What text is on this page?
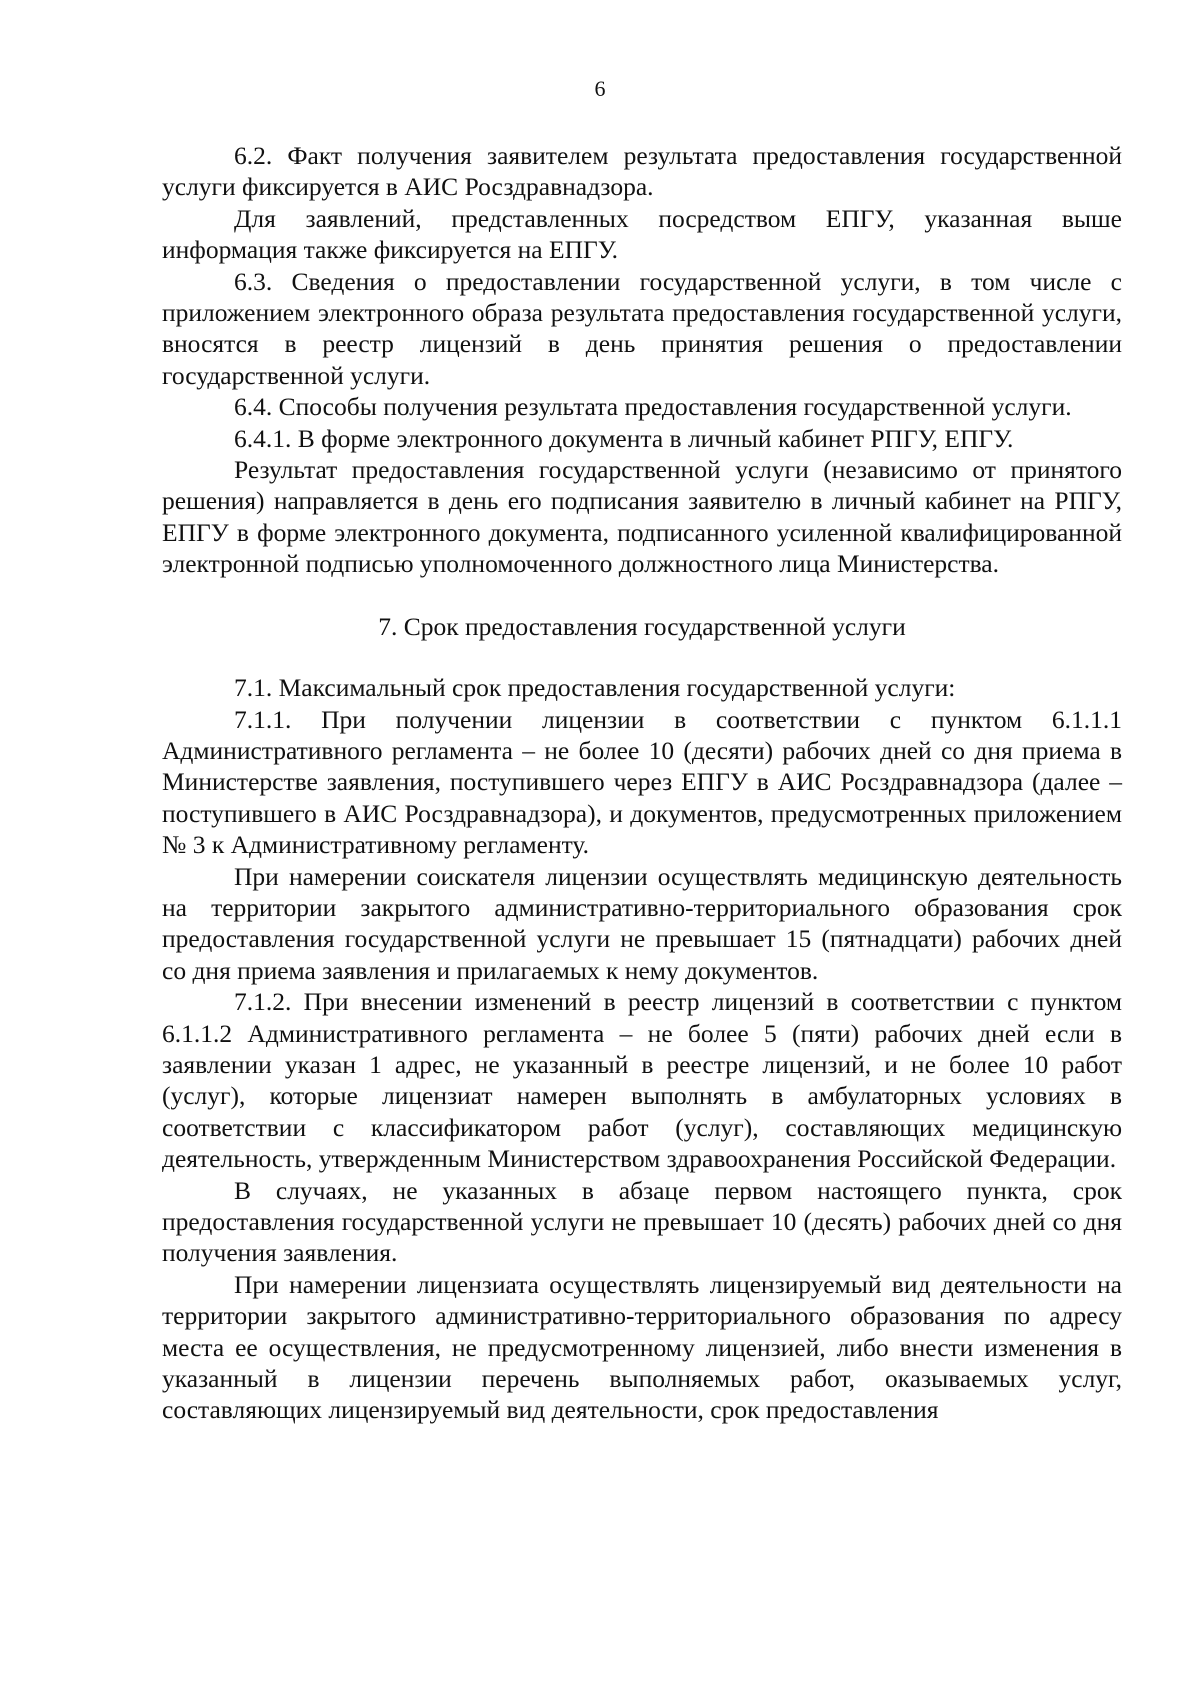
6

6.2. Факт получения заявителем результата предоставления государственной услуги фиксируется в АИС Росздравнадзора.

Для заявлений, представленных посредством ЕПГУ, указанная выше информация также фиксируется на ЕПГУ.

6.3. Сведения о предоставлении государственной услуги, в том числе с приложением электронного образа результата предоставления государственной услуги, вносятся в реестр лицензий в день принятия решения о предоставлении государственной услуги.

6.4. Способы получения результата предоставления государственной услуги.

6.4.1. В форме электронного документа в личный кабинет РПГУ, ЕПГУ.

Результат предоставления государственной услуги (независимо от принятого решения) направляется в день его подписания заявителю в личный кабинет на РПГУ, ЕПГУ в форме электронного документа, подписанного усиленной квалифицированной электронной подписью уполномоченного должностного лица Министерства.

7. Срок предоставления государственной услуги

7.1. Максимальный срок предоставления государственной услуги:

7.1.1. При получении лицензии в соответствии с пунктом 6.1.1.1 Административного регламента – не более 10 (десяти) рабочих дней со дня приема в Министерстве заявления, поступившего через ЕПГУ в АИС Росздравнадзора (далее – поступившего в АИС Росздравнадзора), и документов, предусмотренных приложением № 3 к Административному регламенту.

При намерении соискателя лицензии осуществлять медицинскую деятельность на территории закрытого административно-территориального образования срок предоставления государственной услуги не превышает 15 (пятнадцати) рабочих дней со дня приема заявления и прилагаемых к нему документов.

7.1.2. При внесении изменений в реестр лицензий в соответствии с пунктом 6.1.1.2 Административного регламента – не более 5 (пяти) рабочих дней если в заявлении указан 1 адрес, не указанный в реестре лицензий, и не более 10 работ (услуг), которые лицензиат намерен выполнять в амбулаторных условиях в соответствии с классификатором работ (услуг), составляющих медицинскую деятельность, утвержденным Министерством здравоохранения Российской Федерации.

В случаях, не указанных в абзаце первом настоящего пункта, срок предоставления государственной услуги не превышает 10 (десять) рабочих дней со дня получения заявления.

При намерении лицензиата осуществлять лицензируемый вид деятельности на территории закрытого административно-территориального образования по адресу места ее осуществления, не предусмотренному лицензией, либо внести изменения в указанный в лицензии перечень выполняемых работ, оказываемых услуг, составляющих лицензируемый вид деятельности, срок предоставления
